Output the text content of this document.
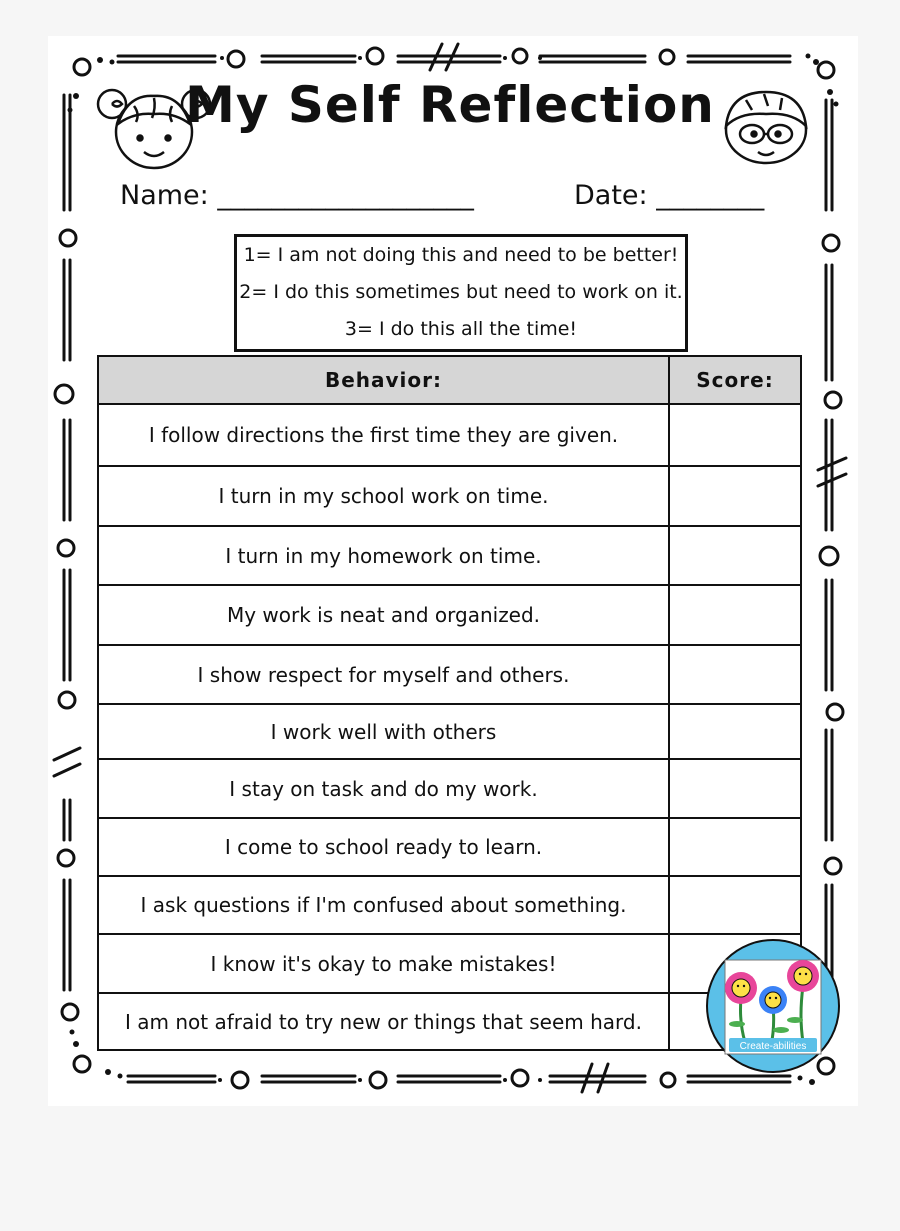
My Self Reflection
Name: ___________________	Date: ________
1= I am not doing this and need to be better!
2= I do this sometimes but need to work on it.
3= I do this all the time!
Behavior:	Score:
I follow directions the first time they are given.	
I turn in my school work on time.	
I turn in my homework on time.	
My work is neat and organized.	
I show respect for myself and others.	
I work well with others	
I stay on task and do my work.	
I come to school ready to learn.	
I ask questions if I'm confused about something.	
I know it's okay to make mistakes!	
I am not afraid to try new or things that seem hard.	
Create-abilities
